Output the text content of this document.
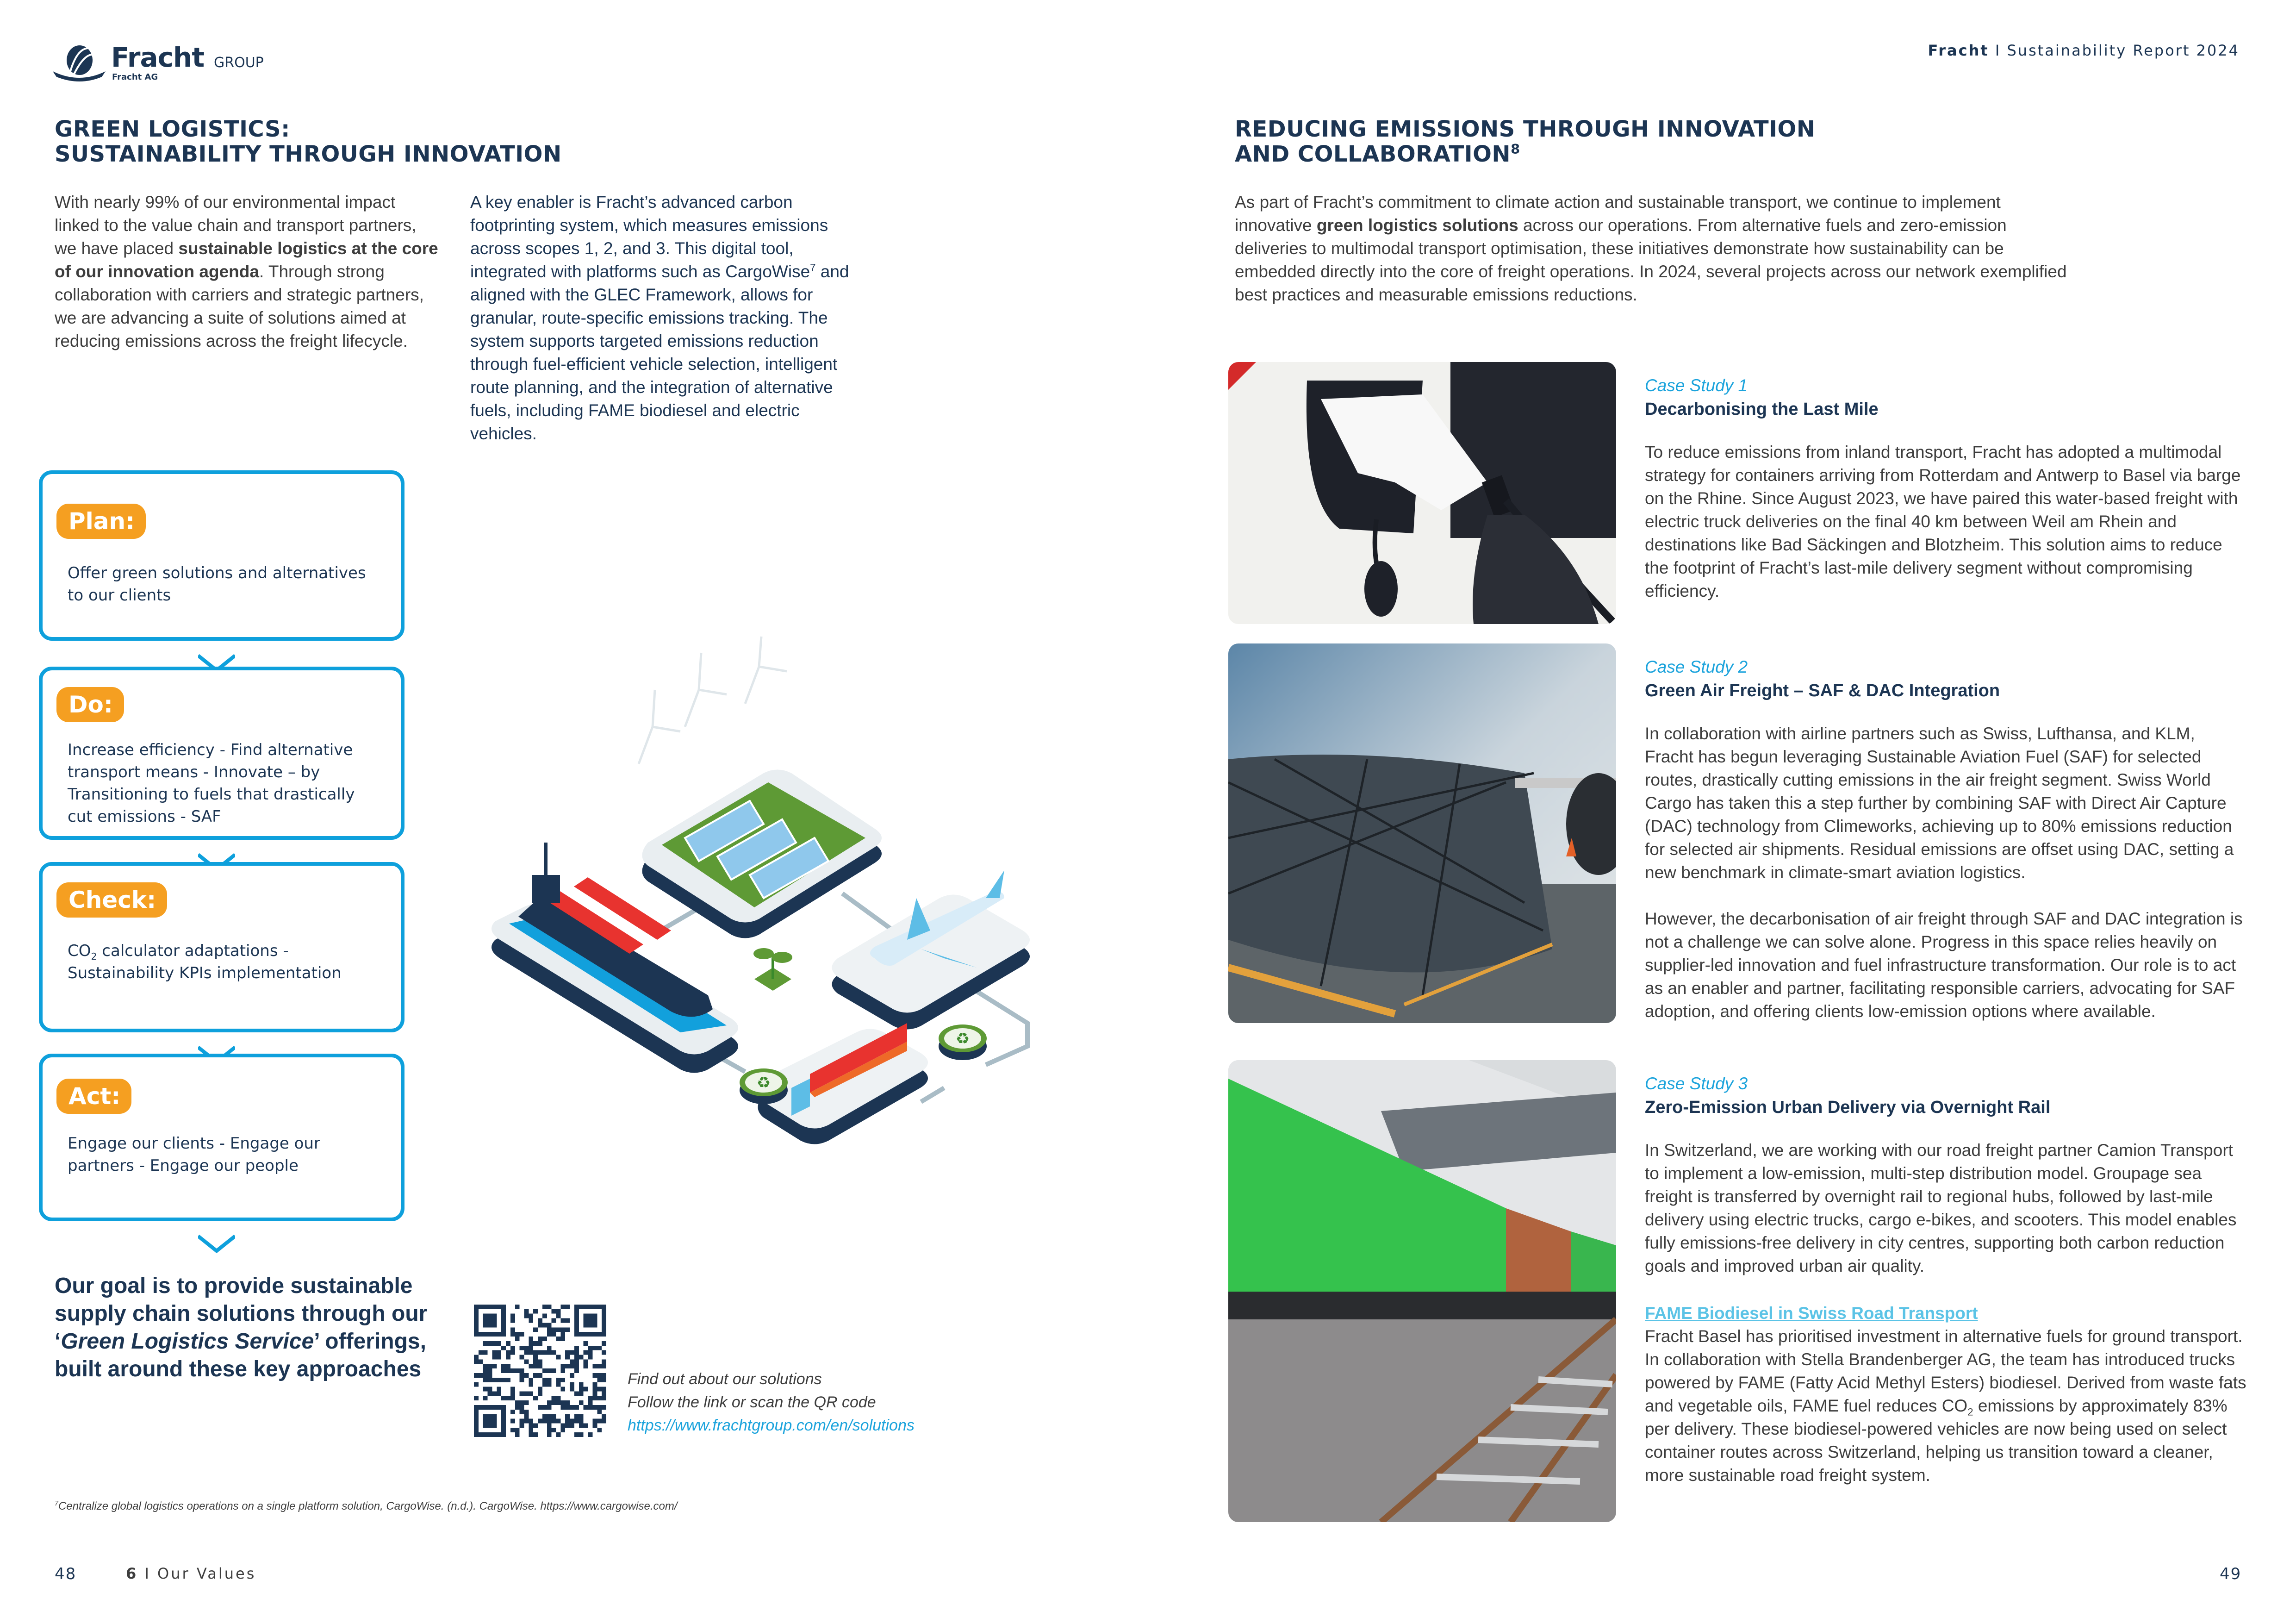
Fracht GROUP
Fracht AG
Fracht I Sustainability Report 2024
GREEN LOGISTICS:
SUSTAINABILITY THROUGH INNOVATION
With nearly 99% of our environmental impact linked to the value chain and transport partners, we have placed sustainable logistics at the core of our innovation agenda. Through strong collaboration with carriers and strategic partners, we are advancing a suite of solutions aimed at reducing emissions across the freight lifecycle.
A key enabler is Fracht’s advanced carbon footprinting system, which measures emissions across scopes 1, 2, and 3. This digital tool, integrated with platforms such as CargoWise$^7$ and aligned with the GLEC Framework, allows for granular, route-specific emissions tracking. The system supports targeted emissions reduction through fuel-efficient vehicle selection, intelligent route planning, and the integration of alternative fuels, including FAME biodiesel and electric vehicles.
Plan:
Offer green solutions and alternatives to our clients
Do:
Increase efficiency - Find alternative transport means - Innovate – by Transitioning to fuels that drastically cut emissions - SAF
Check:
$CO_2$ calculator adaptations - Sustainability KPIs implementation
Act:
Engage our clients - Engage our partners - Engage our people
♻
♻
Our goal is to provide sustainable supply chain solutions through our ‘Green Logistics Service’ offerings, built around these key approaches	Find out about our solutions
Follow the link or scan the QR code
https://www.frachtgroup.com/en/solutions
$^7$Centralize global logistics operations on a single platform solution, CargoWise. (n.d.). CargoWise. https://www.cargowise.com/
48	6 I Our Values
REDUCING EMISSIONS THROUGH INNOVATION
AND COLLABORATION$^8$
As part of Fracht’s commitment to climate action and sustainable transport, we continue to implement innovative green logistics solutions across our operations. From alternative fuels and zero-emission deliveries to multimodal transport optimisation, these initiatives demonstrate how sustainability can be embedded directly into the core of freight operations. In 2024, several projects across our network exemplified best practices and measurable emissions reductions.
Case Study 1
Decarbonising the Last Mile
To reduce emissions from inland transport, Fracht has adopted a multimodal strategy for containers arriving from Rotterdam and Antwerp to Basel via barge on the Rhine. Since August 2023, we have paired this water-based freight with electric truck deliveries on the final 40 km between Weil am Rhein and destinations like Bad Säckingen and Blotzheim. This solution aims to reduce the footprint of Fracht’s last-mile delivery segment without compromising efficiency.
Case Study 2
Green Air Freight – SAF & DAC Integration
In collaboration with airline partners such as Swiss, Lufthansa, and KLM, Fracht has begun leveraging Sustainable Aviation Fuel (SAF) for selected routes, drastically cutting emissions in the air freight segment. Swiss World Cargo has taken this a step further by combining SAF with Direct Air Capture (DAC) technology from Climeworks, achieving up to 80% emissions reduction for selected air shipments. Residual emissions are offset using DAC, setting a new benchmark in climate-smart aviation logistics.
However, the decarbonisation of air freight through SAF and DAC integration is not a challenge we can solve alone. Progress in this space relies heavily on supplier-led innovation and fuel infrastructure transformation. Our role is to act as an enabler and partner, facilitating responsible carriers, advocating for SAF adoption, and offering clients low-emission options where available.
Case Study 3
Zero-Emission Urban Delivery via Overnight Rail
In Switzerland, we are working with our road freight partner Camion Transport to implement a low-emission, multi-step distribution model. Groupage sea freight is transferred by overnight rail to regional hubs, followed by last-mile delivery using electric trucks, cargo e-bikes, and scooters. This model enables fully emissions-free delivery in city centres, supporting both carbon reduction goals and improved urban air quality.
FAME Biodiesel in Swiss Road Transport
Fracht Basel has prioritised investment in alternative fuels for ground transport. In collaboration with Stella Brandenberger AG, the team has introduced trucks powered by FAME (Fatty Acid Methyl Esters) biodiesel. Derived from waste fats and vegetable oils, FAME fuel reduces $CO_2$ emissions by approximately 83% per delivery. These biodiesel-powered vehicles are now being used on select container routes across Switzerland, helping us transition toward a cleaner, more sustainable road freight system.
49
